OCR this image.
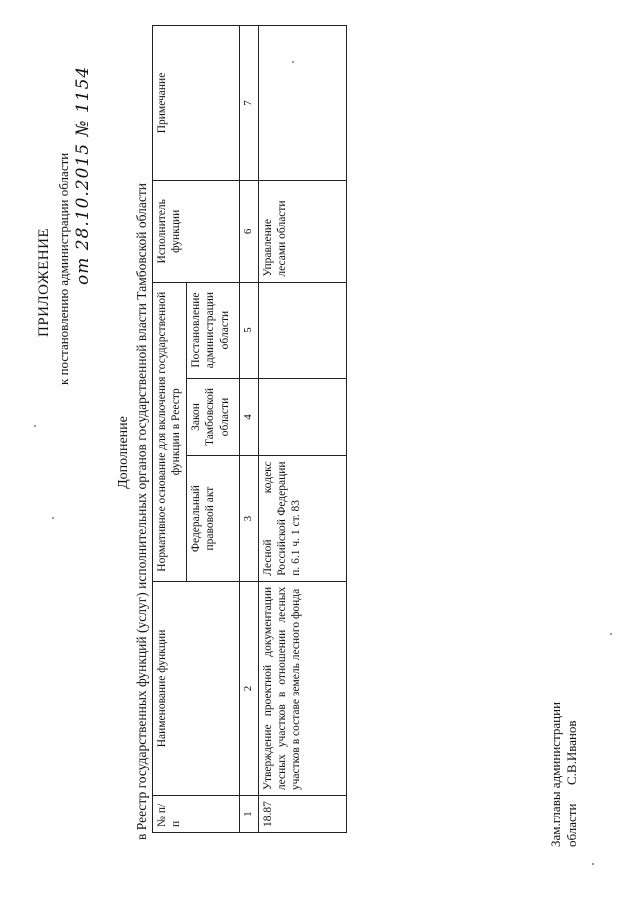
ПРИЛОЖЕНИЕ к постановлению администрации области от 28.10.2015 № 1154
Дополнение в Реестр государственных функций (услуг) исполнительных органов государственной власти Тамбовской области № п/п	Наименование функции	Нормативное основание для включения государственной функции в Реестр			Исполнитель функции	Примечание
		Федеральный правовой акт	Закон Тамбовской области	Постановление администрации области		
1	2	3	4	5	6	7
18.87	Утверждение проектной документации лесных участков в отношении лесных участков в составе земель лесного фонда	Лесной кодекс Российской Федерации п. 6.1 ч. 1 ст. 83			Управление лесами области	
Зам.главы администрации области
С.В.Иванов
